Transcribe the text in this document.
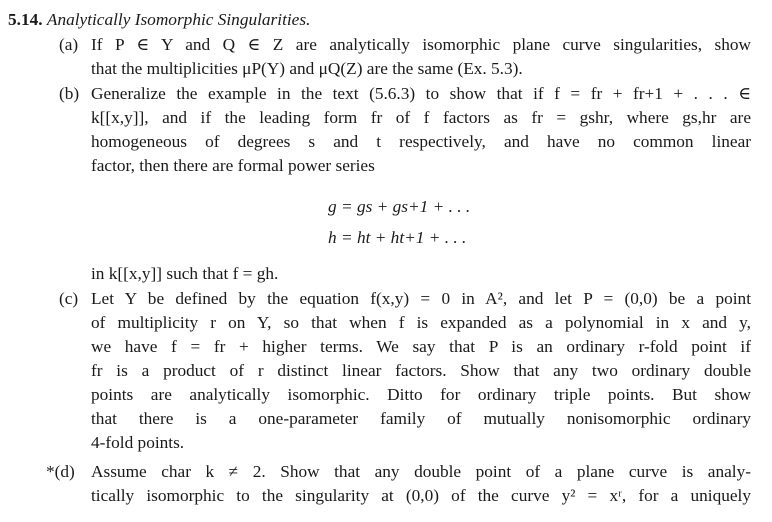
5.14. Analytically Isomorphic Singularities.
(a) If P ∈ Y and Q ∈ Z are analytically isomorphic plane curve singularities, show
that the multiplicities μP(Y) and μQ(Z) are the same (Ex. 5.3).
(b) Generalize the example in the text (5.6.3) to show that if f = fr + fr+1 + . . . ∈
k[[x,y]], and if the leading form fr of f factors as fr = gshr, where gs,hr are
homogeneous of degrees s and t respectively, and have no common linear
factor, then there are formal power series
g = gs + gs+1 + . . .
h = ht + ht+1 + . . .
in k[[x,y]] such that f = gh.
(c) Let Y be defined by the equation f(x,y) = 0 in A², and let P = (0,0) be a point
of multiplicity r on Y, so that when f is expanded as a polynomial in x and y,
we have f = fr + higher terms. We say that P is an ordinary r-fold point if
fr is a product of r distinct linear factors. Show that any two ordinary double
points are analytically isomorphic. Ditto for ordinary triple points. But show
that there is a one-parameter family of mutually nonisomorphic ordinary
4-fold points.
*(d) Assume char k ≠ 2. Show that any double point of a plane curve is analy-
tically isomorphic to the singularity at (0,0) of the curve y² = xʳ, for a uniquely
